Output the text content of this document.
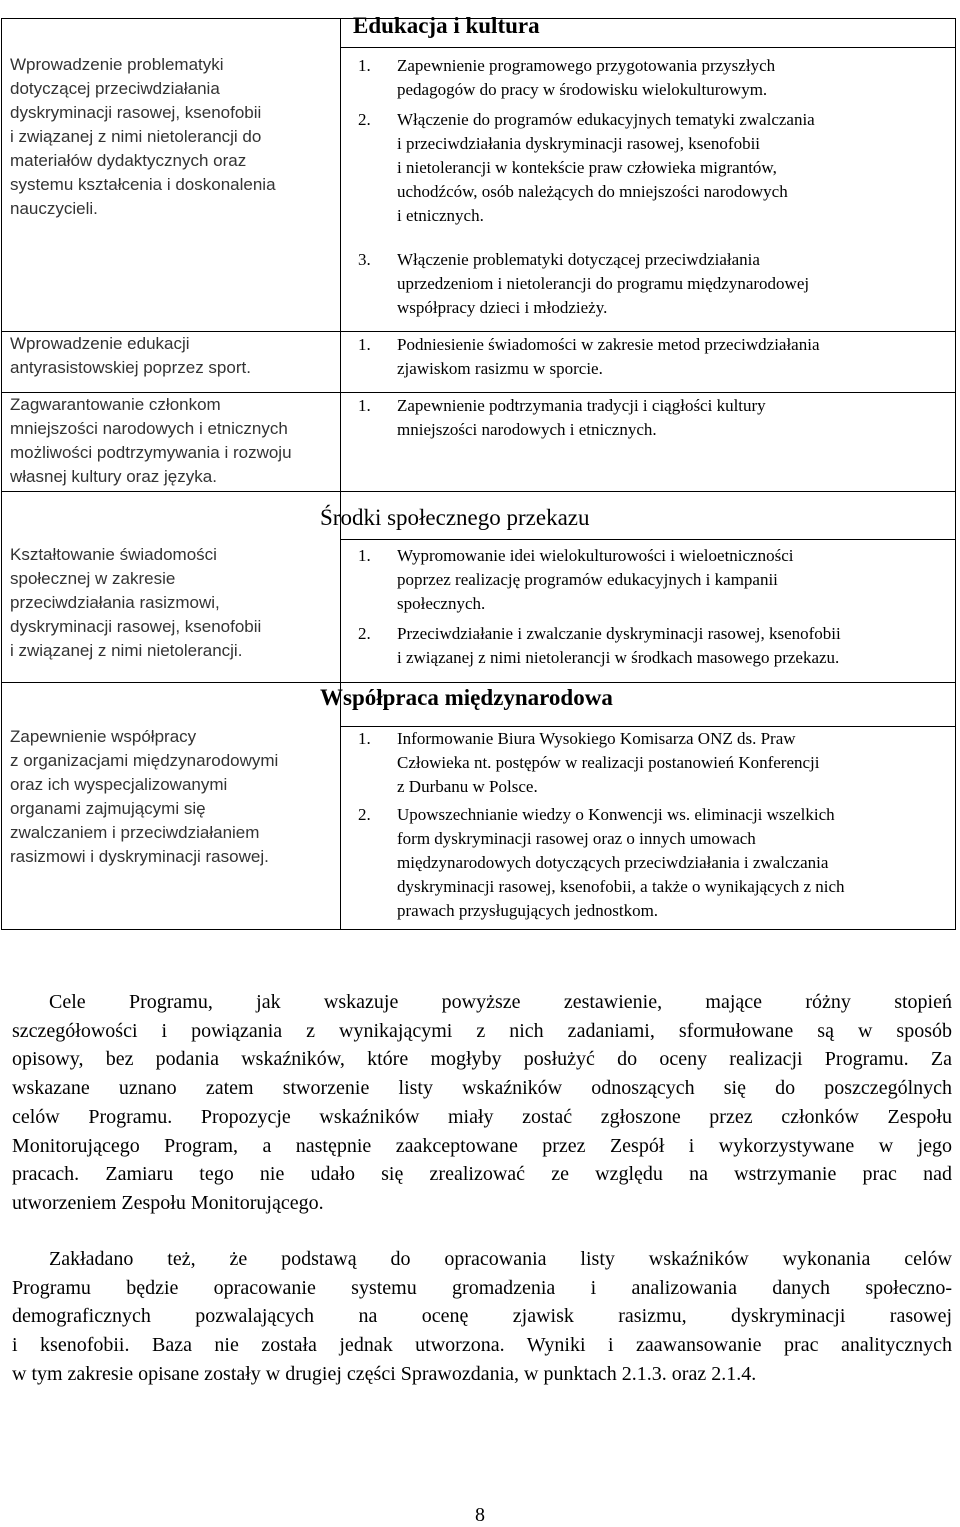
Wprowadzenie problematyki
dotyczącej przeciwdziałania
dyskryminacji rasowej, ksenofobii
i związanej z nimi nietolerancji do
materiałów dydaktycznych oraz
systemu kształcenia i doskonalenia
nauczycieli.
Wprowadzenie edukacji
antyrasistowskiej poprzez sport.
Zagwarantowanie członkom
mniejszości narodowych i etnicznych
możliwości podtrzymywania i rozwoju
własnej kultury oraz języka.
Kształtowanie świadomości
społecznej w zakresie
przeciwdziałania rasizmowi,
dyskryminacji rasowej, ksenofobii
i związanej z nimi nietolerancji.
Zapewnienie współpracy
z organizacjami międzynarodowymi
oraz ich wyspecjalizowanymi
organami zajmującymi się
zwalczaniem i przeciwdziałaniem
rasizmowi i dyskryminacji rasowej.
Edukacja i kultura
Środki społecznego przekazu
Współpraca międzynarodowa
1. Zapewnienie programowego przygotowania przyszłych
pedagogów do pracy w środowisku wielokulturowym.
2. Włączenie do programów edukacyjnych tematyki zwalczania
i przeciwdziałania dyskryminacji rasowej, ksenofobii
i nietolerancji w kontekście praw człowieka migrantów,
uchodźców, osób należących do mniejszości narodowych
i etnicznych.
3. Włączenie problematyki dotyczącej przeciwdziałania
uprzedzeniom i nietolerancji do programu międzynarodowej
współpracy dzieci i młodzieży.
1. Podniesienie świadomości w zakresie metod przeciwdziałania
zjawiskom rasizmu w sporcie.
1. Zapewnienie podtrzymania tradycji i ciągłości kultury
mniejszości narodowych i etnicznych.
1. Wypromowanie idei wielokulturowości i wieloetniczności
poprzez realizację programów edukacyjnych i kampanii
społecznych.
2. Przeciwdziałanie i zwalczanie dyskryminacji rasowej, ksenofobii
i związanej z nimi nietolerancji w środkach masowego przekazu.
1. Informowanie Biura Wysokiego Komisarza ONZ ds. Praw
Człowieka nt. postępów w realizacji postanowień Konferencji
z Durbanu w Polsce.
2. Upowszechnianie wiedzy o Konwencji ws. eliminacji wszelkich
form dyskryminacji rasowej oraz o innych umowach
międzynarodowych dotyczących przeciwdziałania i zwalczania
dyskryminacji rasowej, ksenofobii, a także o wynikających z nich
prawach przysługujących jednostkom.
Cele Programu, jak wskazuje powyższe zestawienie, mające różny stopień
szczegółowości i powiązania z wynikającymi z nich zadaniami, sformułowane są w sposób
opisowy, bez podania wskaźników, które mogłyby posłużyć do oceny realizacji Programu. Za
wskazane uznano zatem stworzenie listy wskaźników odnoszących się do poszczególnych
celów Programu. Propozycje wskaźników miały zostać zgłoszone przez członków Zespołu
Monitorującego Program, a następnie zaakceptowane przez Zespół i wykorzystywane w jego
pracach. Zamiaru tego nie udało się zrealizować ze względu na wstrzymanie prac nad
utworzeniem Zespołu Monitorującego.
Zakładano też, że podstawą do opracowania listy wskaźników wykonania celów
Programu będzie opracowanie systemu gromadzenia i analizowania danych społeczno-
demograficznych pozwalających na ocenę zjawisk rasizmu, dyskryminacji rasowej
i ksenofobii. Baza nie została jednak utworzona. Wyniki i zaawansowanie prac analitycznych
w tym zakresie opisane zostały w drugiej części Sprawozdania, w punktach 2.1.3. oraz 2.1.4.
8
